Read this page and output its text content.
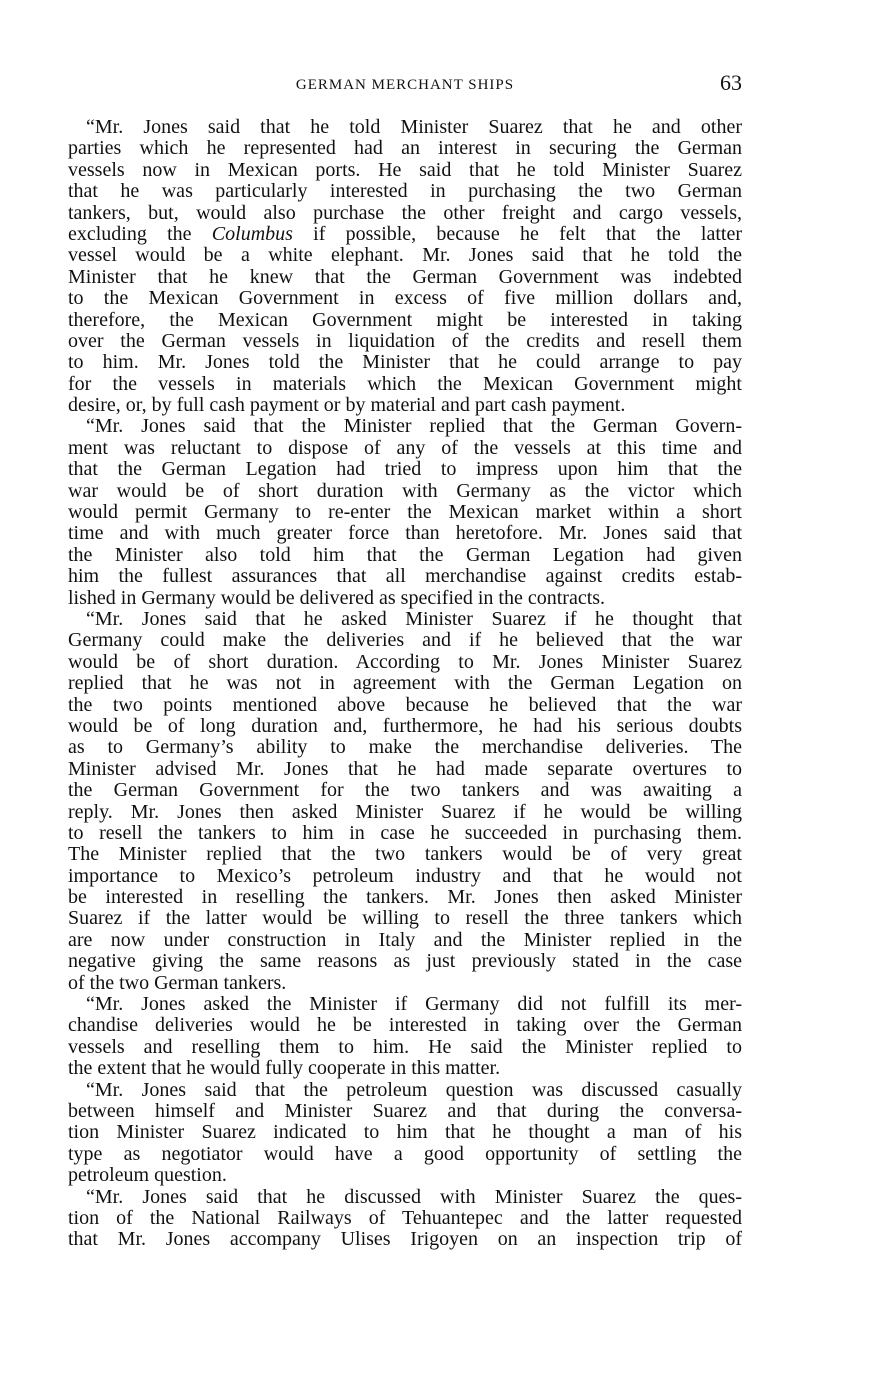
GERMAN MERCHANT SHIPS	63
“Mr. Jones said that he told Minister Suarez that he and other
parties which he represented had an interest in securing the German
vessels now in Mexican ports. He said that he told Minister Suarez
that he was particularly interested in purchasing the two German
tankers, but, would also purchase the other freight and cargo vessels,
excluding the Columbus if possible, because he felt that the latter
vessel would be a white elephant. Mr. Jones said that he told the
Minister that he knew that the German Government was indebted
to the Mexican Government in excess of five million dollars and,
therefore, the Mexican Government might be interested in taking
over the German vessels in liquidation of the credits and resell them
to him. Mr. Jones told the Minister that he could arrange to pay
for the vessels in materials which the Mexican Government might
desire, or, by full cash payment or by material and part cash payment.
“Mr. Jones said that the Minister replied that the German Govern-
ment was reluctant to dispose of any of the vessels at this time and
that the German Legation had tried to impress upon him that the
war would be of short duration with Germany as the victor which
would permit Germany to re-enter the Mexican market within a short
time and with much greater force than heretofore. Mr. Jones said that
the Minister also told him that the German Legation had given
him the fullest assurances that all merchandise against credits estab-
lished in Germany would be delivered as specified in the contracts.
“Mr. Jones said that he asked Minister Suarez if he thought that
Germany could make the deliveries and if he believed that the war
would be of short duration. According to Mr. Jones Minister Suarez
replied that he was not in agreement with the German Legation on
the two points mentioned above because he believed that the war
would be of long duration and, furthermore, he had his serious doubts
as to Germany’s ability to make the merchandise deliveries. The
Minister advised Mr. Jones that he had made separate overtures to
the German Government for the two tankers and was awaiting a
reply. Mr. Jones then asked Minister Suarez if he would be willing
to resell the tankers to him in case he succeeded in purchasing them.
The Minister replied that the two tankers would be of very great
importance to Mexico’s petroleum industry and that he would not
be interested in reselling the tankers. Mr. Jones then asked Minister
Suarez if the latter would be willing to resell the three tankers which
are now under construction in Italy and the Minister replied in the
negative giving the same reasons as just previously stated in the case
of the two German tankers.
“Mr. Jones asked the Minister if Germany did not fulfill its mer-
chandise deliveries would he be interested in taking over the German
vessels and reselling them to him. He said the Minister replied to
the extent that he would fully cooperate in this matter.
“Mr. Jones said that the petroleum question was discussed casually
between himself and Minister Suarez and that during the conversa-
tion Minister Suarez indicated to him that he thought a man of his
type as negotiator would have a good opportunity of settling the
petroleum question.
“Mr. Jones said that he discussed with Minister Suarez the ques-
tion of the National Railways of Tehuantepec and the latter requested
that Mr. Jones accompany Ulises Irigoyen on an inspection trip of
